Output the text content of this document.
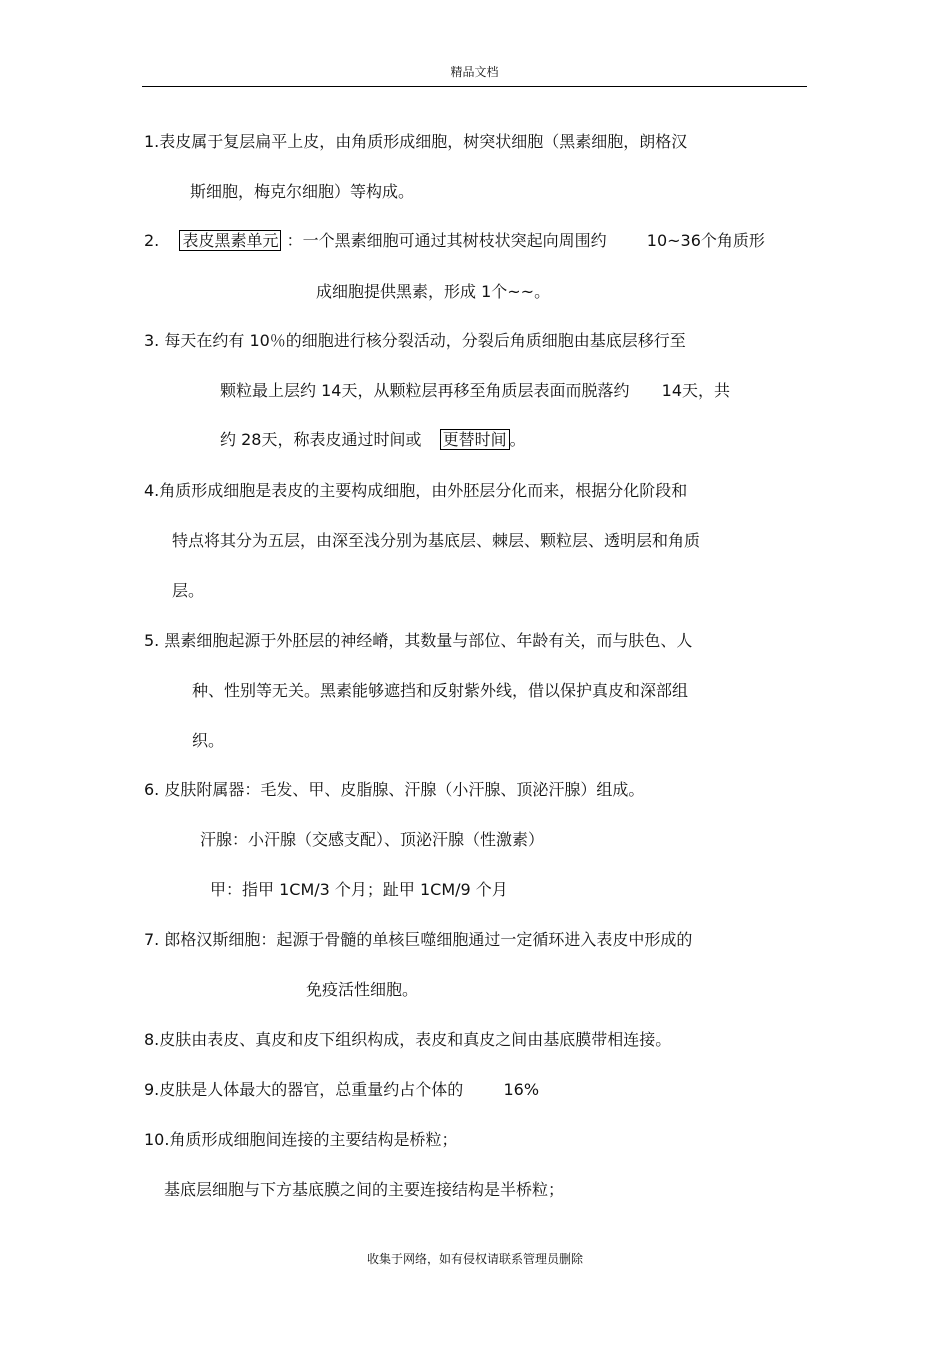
精品文档
1.表皮属于复层扁平上皮，由角质形成细胞，树突状细胞（黑素细胞，朗格汉
斯细胞，梅克尔细胞）等构成。
2. 表皮黑素单元 ：一个黑素细胞可通过其树枝状突起向周围约	10~36个角质形
成细胞提供黑素，形成 1个~~。
3. 每天在约有 10％的细胞进行核分裂活动，分裂后角质细胞由基底层移行至
颗粒最上层约 14天，从颗粒层再移至角质层表面而脱落约 14天，共
约 28天，称表皮通过时间或 更替时间 。
4.角质形成细胞是表皮的主要构成细胞，由外胚层分化而来，根据分化阶段和
特点将其分为五层，由深至浅分别为基底层、棘层、颗粒层、透明层和角质
层。
5. 黑素细胞起源于外胚层的神经嵴，其数量与部位、年龄有关，而与肤色、人
种、性别等无关。黑素能够遮挡和反射紫外线，借以保护真皮和深部组
织。
6. 皮肤附属器：毛发、甲、皮脂腺、汗腺（小汗腺、顶泌汗腺）组成。
汗腺：小汗腺（交感支配）、顶泌汗腺（性激素）
甲：指甲 1CM/3 个月；趾甲 1CM/9 个月
7. 郎格汉斯细胞：起源于骨髓的单核巨噬细胞通过一定循环进入表皮中形成的
免疫活性细胞。
8.皮肤由表皮、真皮和皮下组织构成，表皮和真皮之间由基底膜带相连接。
9.皮肤是人体最大的器官，总重量约占个体的	16%
10.角质形成细胞间连接的主要结构是桥粒；
基底层细胞与下方基底膜之间的主要连接结构是半桥粒；
收集于网络，如有侵权请联系管理员删除
